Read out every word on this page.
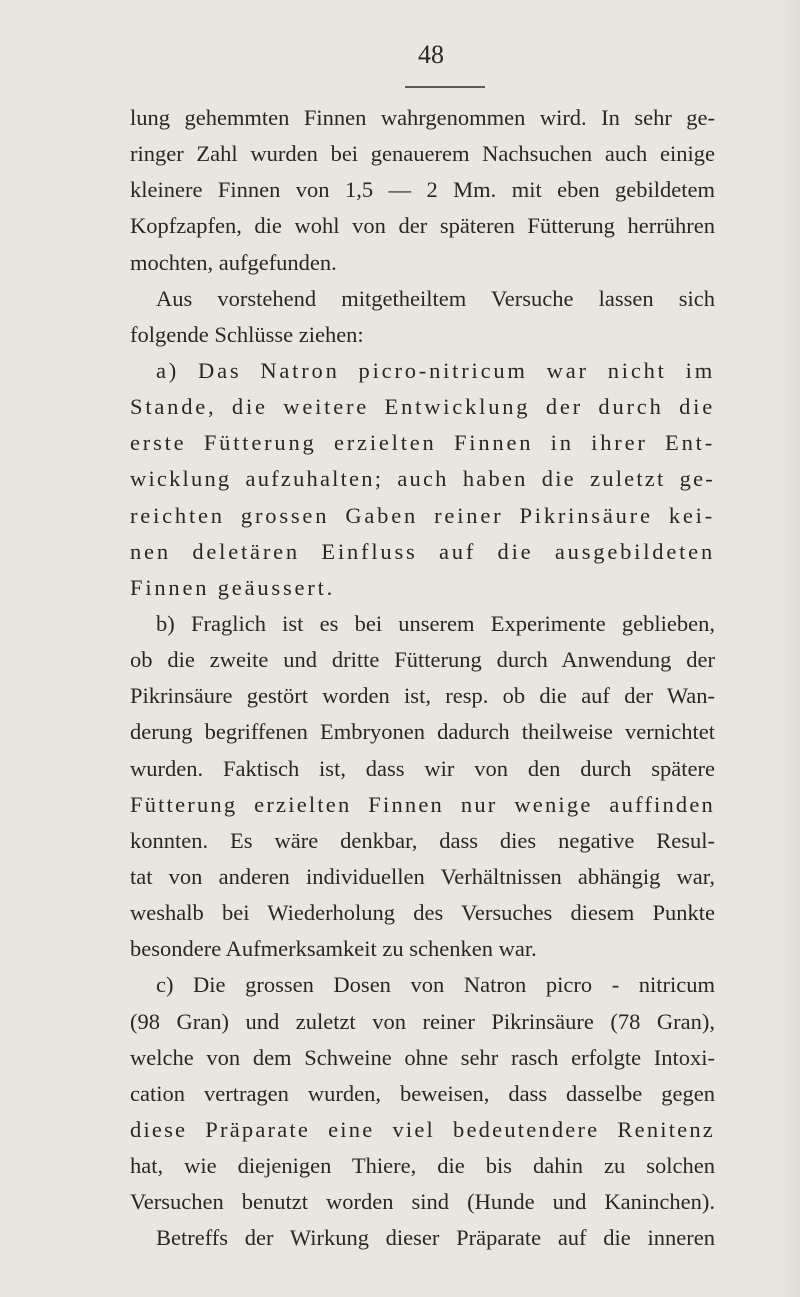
48
lung gehemmten Finnen wahrgenommen wird. In sehr ge-
ringer Zahl wurden bei genauerem Nachsuchen auch einige
kleinere Finnen von 1,5 — 2 Mm. mit eben gebildetem
Kopfzapfen, die wohl von der späteren Fütterung herrühren
mochten, aufgefunden.
Aus vorstehend mitgetheiltem Versuche lassen sich
folgende Schlüsse ziehen:
a) Das Natron picro-nitricum war nicht im
Stande, die weitere Entwicklung der durch die
erste Fütterung erzielten Finnen in ihrer Ent-
wicklung aufzuhalten; auch haben die zuletzt ge-
reichten grossen Gaben reiner Pikrinsäure kei-
nen deletären Einfluss auf die ausgebildeten
Finnen geäussert.
b) Fraglich ist es bei unserem Experimente geblieben,
ob die zweite und dritte Fütterung durch Anwendung der
Pikrinsäure gestört worden ist, resp. ob die auf der Wan-
derung begriffenen Embryonen dadurch theilweise vernichtet
wurden. Faktisch ist, dass wir von den durch spätere
Fütterung erzielten Finnen nur wenige auffinden
konnten. Es wäre denkbar, dass dies negative Resul-
tat von anderen individuellen Verhältnissen abhängig war,
weshalb bei Wiederholung des Versuches diesem Punkte
besondere Aufmerksamkeit zu schenken war.
c) Die grossen Dosen von Natron picro - nitricum
(98 Gran) und zuletzt von reiner Pikrinsäure (78 Gran),
welche von dem Schweine ohne sehr rasch erfolgte Intoxi-
cation vertragen wurden, beweisen, dass dasselbe gegen
diese Präparate eine viel bedeutendere Renitenz
hat, wie diejenigen Thiere, die bis dahin zu solchen
Versuchen benutzt worden sind (Hunde und Kaninchen).
Betreffs der Wirkung dieser Präparate auf die inneren
